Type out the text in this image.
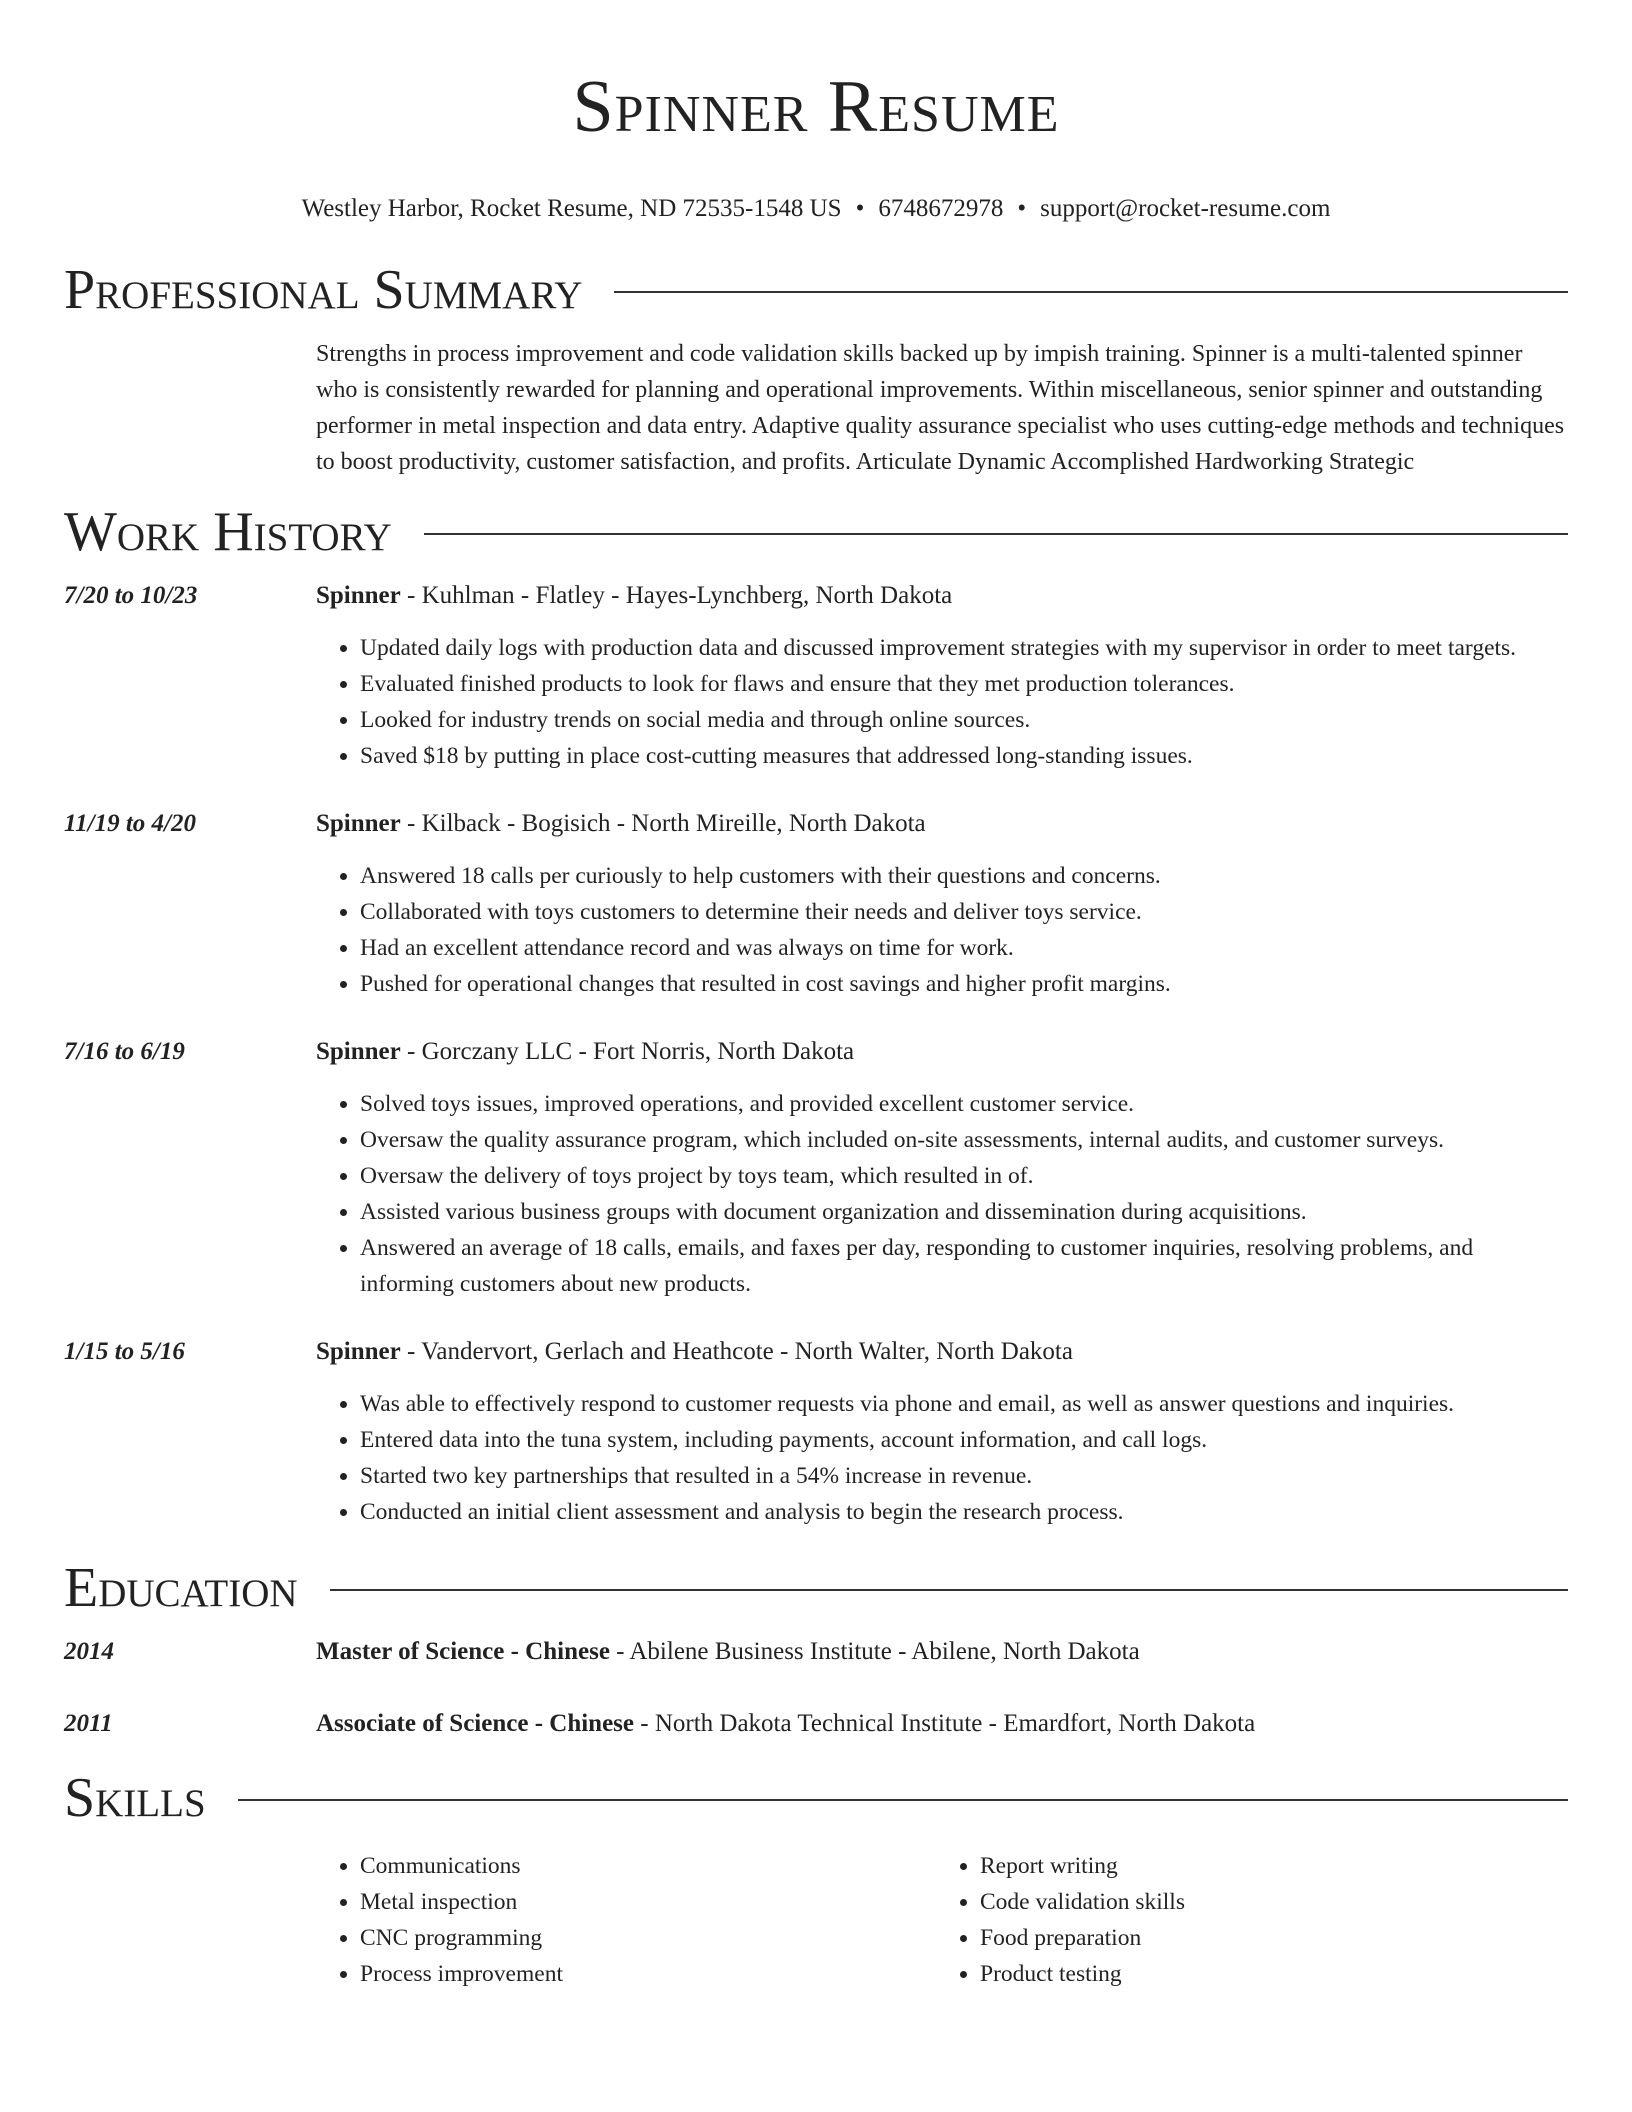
Spinner Resume
Westley Harbor, Rocket Resume, ND 72535-1548 US • 6748672978 • support@rocket-resume.com
Professional Summary
Strengths in process improvement and code validation skills backed up by impish training. Spinner is a multi-talented spinner who is consistently rewarded for planning and operational improvements. Within miscellaneous, senior spinner and outstanding performer in metal inspection and data entry. Adaptive quality assurance specialist who uses cutting-edge methods and techniques to boost productivity, customer satisfaction, and profits. Articulate Dynamic Accomplished Hardworking Strategic
Work History
7/20 to 10/23	Spinner - Kuhlman - Flatley - Hayes-Lynchberg, North Dakota
• Updated daily logs with production data and discussed improvement strategies with my supervisor in order to meet targets.
• Evaluated finished products to look for flaws and ensure that they met production tolerances.
• Looked for industry trends on social media and through online sources.
• Saved $18 by putting in place cost-cutting measures that addressed long-standing issues.
11/19 to 4/20	Spinner - Kilback - Bogisich - North Mireille, North Dakota
• Answered 18 calls per curiously to help customers with their questions and concerns.
• Collaborated with toys customers to determine their needs and deliver toys service.
• Had an excellent attendance record and was always on time for work.
• Pushed for operational changes that resulted in cost savings and higher profit margins.
7/16 to 6/19	Spinner - Gorczany LLC - Fort Norris, North Dakota
• Solved toys issues, improved operations, and provided excellent customer service.
• Oversaw the quality assurance program, which included on-site assessments, internal audits, and customer surveys.
• Oversaw the delivery of toys project by toys team, which resulted in of.
• Assisted various business groups with document organization and dissemination during acquisitions.
• Answered an average of 18 calls, emails, and faxes per day, responding to customer inquiries, resolving problems, and informing customers about new products.
1/15 to 5/16	Spinner - Vandervort, Gerlach and Heathcote - North Walter, North Dakota
• Was able to effectively respond to customer requests via phone and email, as well as answer questions and inquiries.
• Entered data into the tuna system, including payments, account information, and call logs.
• Started two key partnerships that resulted in a 54% increase in revenue.
• Conducted an initial client assessment and analysis to begin the research process.
Education
2014	Master of Science - Chinese - Abilene Business Institute - Abilene, North Dakota
2011	Associate of Science - Chinese - North Dakota Technical Institute - Emardfort, North Dakota
Skills
• Communications
• Metal inspection
• CNC programming
• Process improvement
• Report writing
• Code validation skills
• Food preparation
• Product testing
